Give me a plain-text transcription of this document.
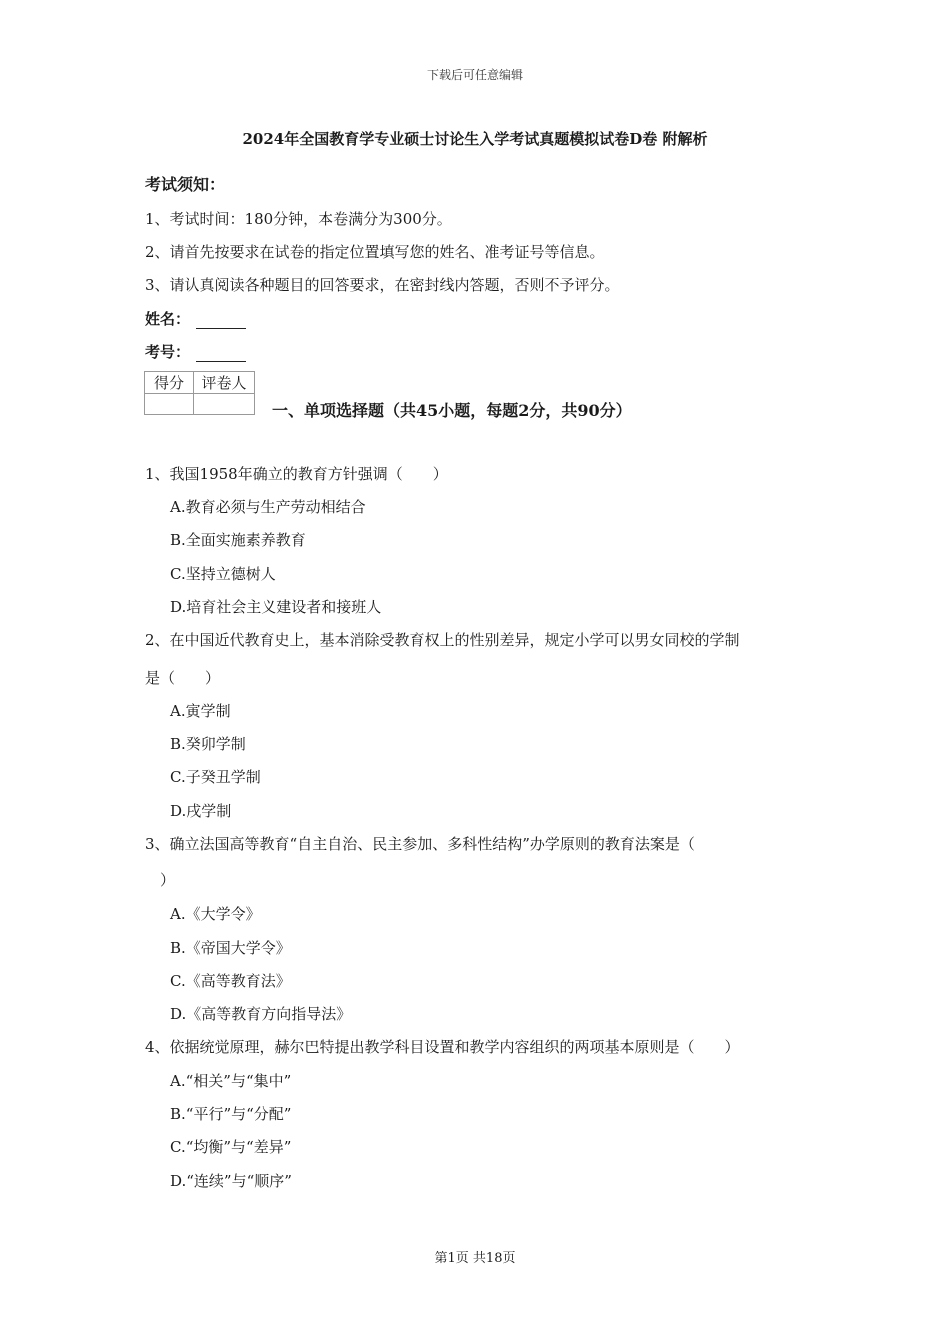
下载后可任意编辑
2024年全国教育学专业硕士讨论生入学考试真题模拟试卷D卷 附解析
考试须知：
1、考试时间：180分钟，本卷满分为300分。
2、请首先按要求在试卷的指定位置填写您的姓名、准考证号等信息。
3、请认真阅读各种题目的回答要求，在密封线内答题，否则不予评分。
姓名：
考号：
得分	评卷人

一、单项选择题（共45小题，每题2分，共90分）
1、我国1958年确立的教育方针强调（　　）
A.教育必须与生产劳动相结合
B.全面实施素养教育
C.坚持立德树人
D.培育社会主义建设者和接班人
2、在中国近代教育史上，基本消除受教育权上的性别差异，规定小学可以男女同校的学制
是（　　）
A.寅学制
B.癸卯学制
C.子癸丑学制
D.戌学制
3、确立法国高等教育“自主自治、民主参加、多科性结构”办学原则的教育法案是（
　）
A.《大学令》
B.《帝国大学令》
C.《高等教育法》
D.《高等教育方向指导法》
4、依据统觉原理，赫尔巴特提出教学科目设置和教学内容组织的两项基本原则是（　　）
A.“相关”与“集中”
B.“平行”与“分配”
C.“均衡”与“差异”
D.“连续”与“顺序”
第1页 共18页
